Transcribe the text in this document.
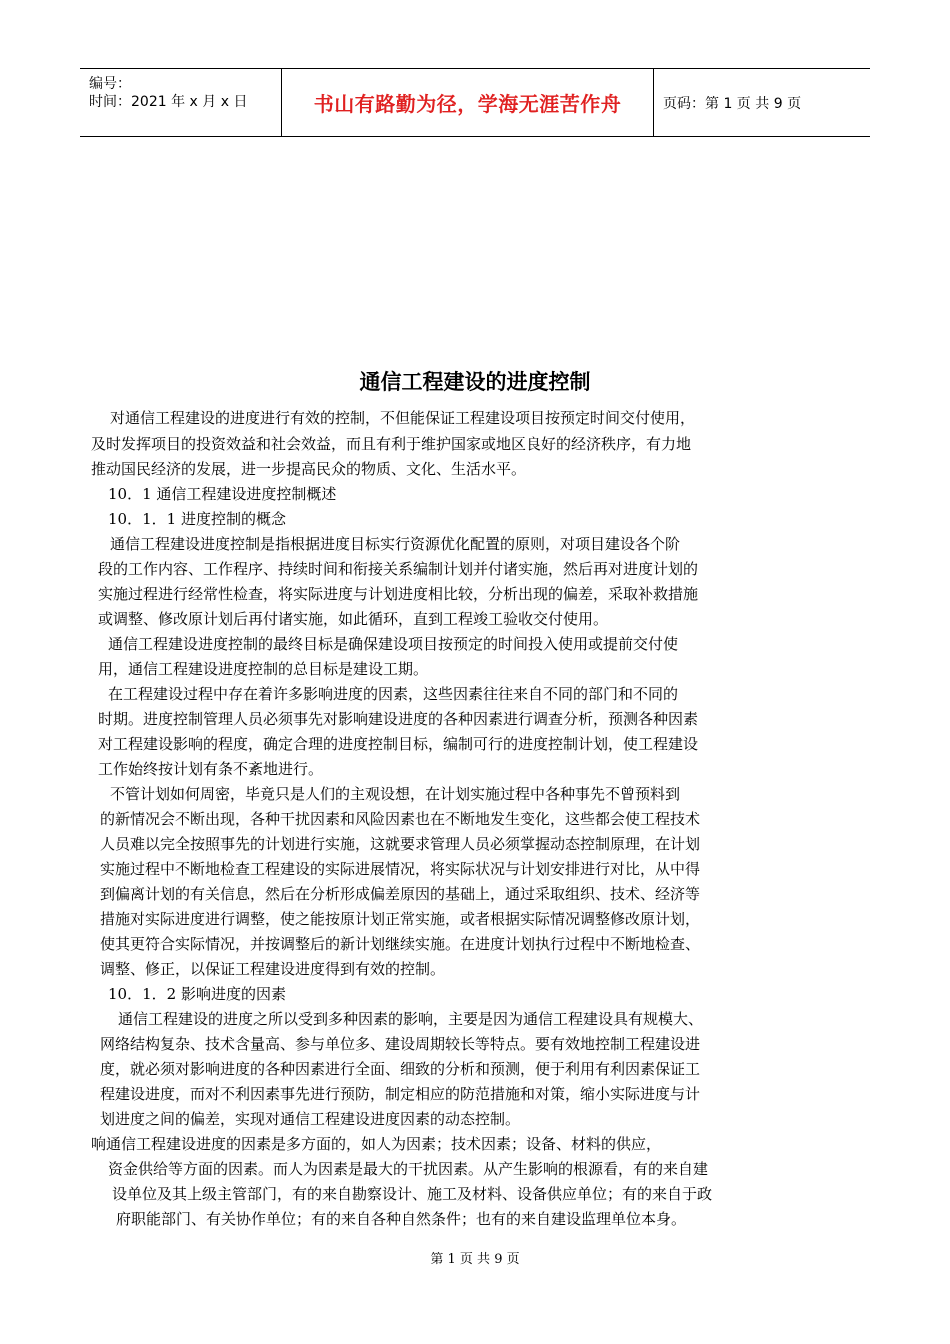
编号：
时间：2021 年 x 月 x 日	书山有路勤为径，学海无涯苦作舟	页码：第 1 页 共 9 页
通信工程建设的进度控制
对通信工程建设的进度进行有效的控制，不但能保证工程建设项目按预定时间交付使用，
及时发挥项目的投资效益和社会效益，而且有利于维护国家或地区良好的经济秩序，有力地
推动国民经济的发展，进一步提高民众的物质、文化、生活水平。
10．1 通信工程建设进度控制概述
10．1．1 进度控制的概念
通信工程建设进度控制是指根据进度目标实行资源优化配置的原则，对项目建设各个阶
段的工作内容、工作程序、持续时间和衔接关系编制计划并付诸实施，然后再对进度计划的
实施过程进行经常性检查，将实际进度与计划进度相比较，分析出现的偏差，采取补救措施
或调整、修改原计划后再付诸实施，如此循环，直到工程竣工验收交付使用。
通信工程建设进度控制的最终目标是确保建设项目按预定的时间投入使用或提前交付使
用，通信工程建设进度控制的总目标是建设工期。
在工程建设过程中存在着许多影响进度的因素，这些因素往往来自不同的部门和不同的
时期。进度控制管理人员必须事先对影响建设进度的各种因素进行调查分析，预测各种因素
对工程建设影响的程度，确定合理的进度控制目标，编制可行的进度控制计划，使工程建设
工作始终按计划有条不紊地进行。
不管计划如何周密，毕竟只是人们的主观设想，在计划实施过程中各种事先不曾预料到
的新情况会不断出现，各种干扰因素和风险因素也在不断地发生变化，这些都会使工程技术
人员难以完全按照事先的计划进行实施，这就要求管理人员必须掌握动态控制原理，在计划
实施过程中不断地检查工程建设的实际进展情况，将实际状况与计划安排进行对比，从中得
到偏离计划的有关信息，然后在分析形成偏差原因的基础上，通过采取组织、技术、经济等
措施对实际进度进行调整，使之能按原计划正常实施，或者根据实际情况调整修改原计划，
使其更符合实际情况，并按调整后的新计划继续实施。在进度计划执行过程中不断地检查、
调整、修正，以保证工程建设进度得到有效的控制。
10．1．2 影响进度的因素
通信工程建设的进度之所以受到多种因素的影响，主要是因为通信工程建设具有规模大、
网络结构复杂、技术含量高、参与单位多、建设周期较长等特点。要有效地控制工程建设进
度，就必须对影响进度的各种因素进行全面、细致的分析和预测，便于利用有利因素保证工
程建设进度，而对不利因素事先进行预防，制定相应的防范措施和对策，缩小实际进度与计
划进度之间的偏差，实现对通信工程建设进度因素的动态控制。
响通信工程建设进度的因素是多方面的，如人为因素；技术因素；设备、材料的供应，
资金供给等方面的因素。而人为因素是最大的干扰因素。从产生影响的根源看，有的来自建
设单位及其上级主管部门，有的来自勘察设计、施工及材料、设备供应单位；有的来自于政
府职能部门、有关协作单位；有的来自各种自然条件；也有的来自建设监理单位本身。
第 1 页 共 9 页
